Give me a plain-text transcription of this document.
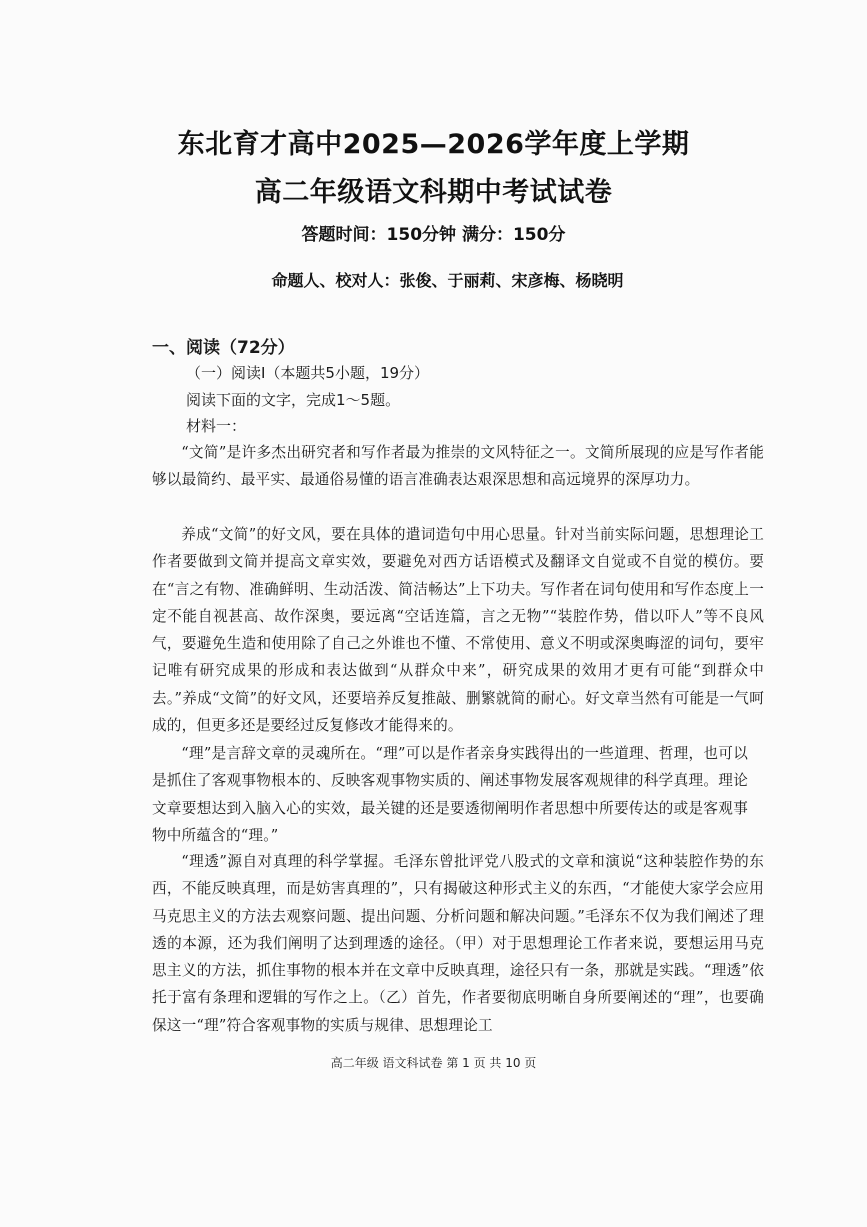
东北育才高中2025—2026学年度上学期
高二年级语文科期中考试试卷
答题时间：150分钟 满分：150分
命题人、校对人：张俊、于丽莉、宋彦梅、杨晓明
一、阅读（72分）
（一）阅读Ⅰ（本题共5小题，19分）
阅读下面的文字，完成1～5题。
材料一：

“文简”是许多杰出研究者和写作者最为推崇的文风特征之一。文简所展现的应是写作者能够以最简约、最平实、最通俗易懂的语言准确表达艰深思想和高远境界的深厚功力。

养成“文简”的好文风，要在具体的遣词造句中用心思量。针对当前实际问题，思想理论工作者要做到文简并提高文章实效，要避免对西方话语模式及翻译文自觉或不自觉的模仿。要在“言之有物、准确鲜明、生动活泼、简洁畅达”上下功夫。写作者在词句使用和写作态度上一定不能自视甚高、故作深奥，要远离“空话连篇，言之无物”“装腔作势，借以吓人”等不良风气，要避免生造和使用除了自己之外谁也不懂、不常使用、意义不明或深奥晦涩的词句，要牢记唯有研究成果的形成和表达做到“从群众中来”，研究成果的效用才更有可能“到群众中去。”养成“文简”的好文风，还要培养反复推敲、删繁就简的耐心。好文章当然有可能是一气呵成的，但更多还是要经过反复修改才能得来的。

“理”是言辞文章的灵魂所在。“理”可以是作者亲身实践得出的一些道理、哲理，也可以是抓住了客观事物根本的、反映客观事物实质的、阐述事物发展客观规律的科学真理。理论文章要想达到入脑入心的实效，最关键的还是要透彻阐明作者思想中所要传达的或是客观事物中所蕴含的“理。”

“理透”源自对真理的科学掌握。毛泽东曾批评党八股式的文章和演说“这种装腔作势的东西，不能反映真理，而是妨害真理的”，只有揭破这种形式主义的东西，“才能使大家学会应用马克思主义的方法去观察问题、提出问题、分析问题和解决问题。”毛泽东不仅为我们阐述了理透的本源，还为我们阐明了达到理透的途径。（甲）对于思想理论工作者来说，要想运用马克思主义的方法，抓住事物的根本并在文章中反映真理，途径只有一条，那就是实践。“理透”依托于富有条理和逻辑的写作之上。（乙）首先，作者要彻底明晰自身所要阐述的“理”，也要确保这一“理”符合客观事物的实质与规律、思想理论工

高二年级 语文科试卷 第 1 页 共 10 页
